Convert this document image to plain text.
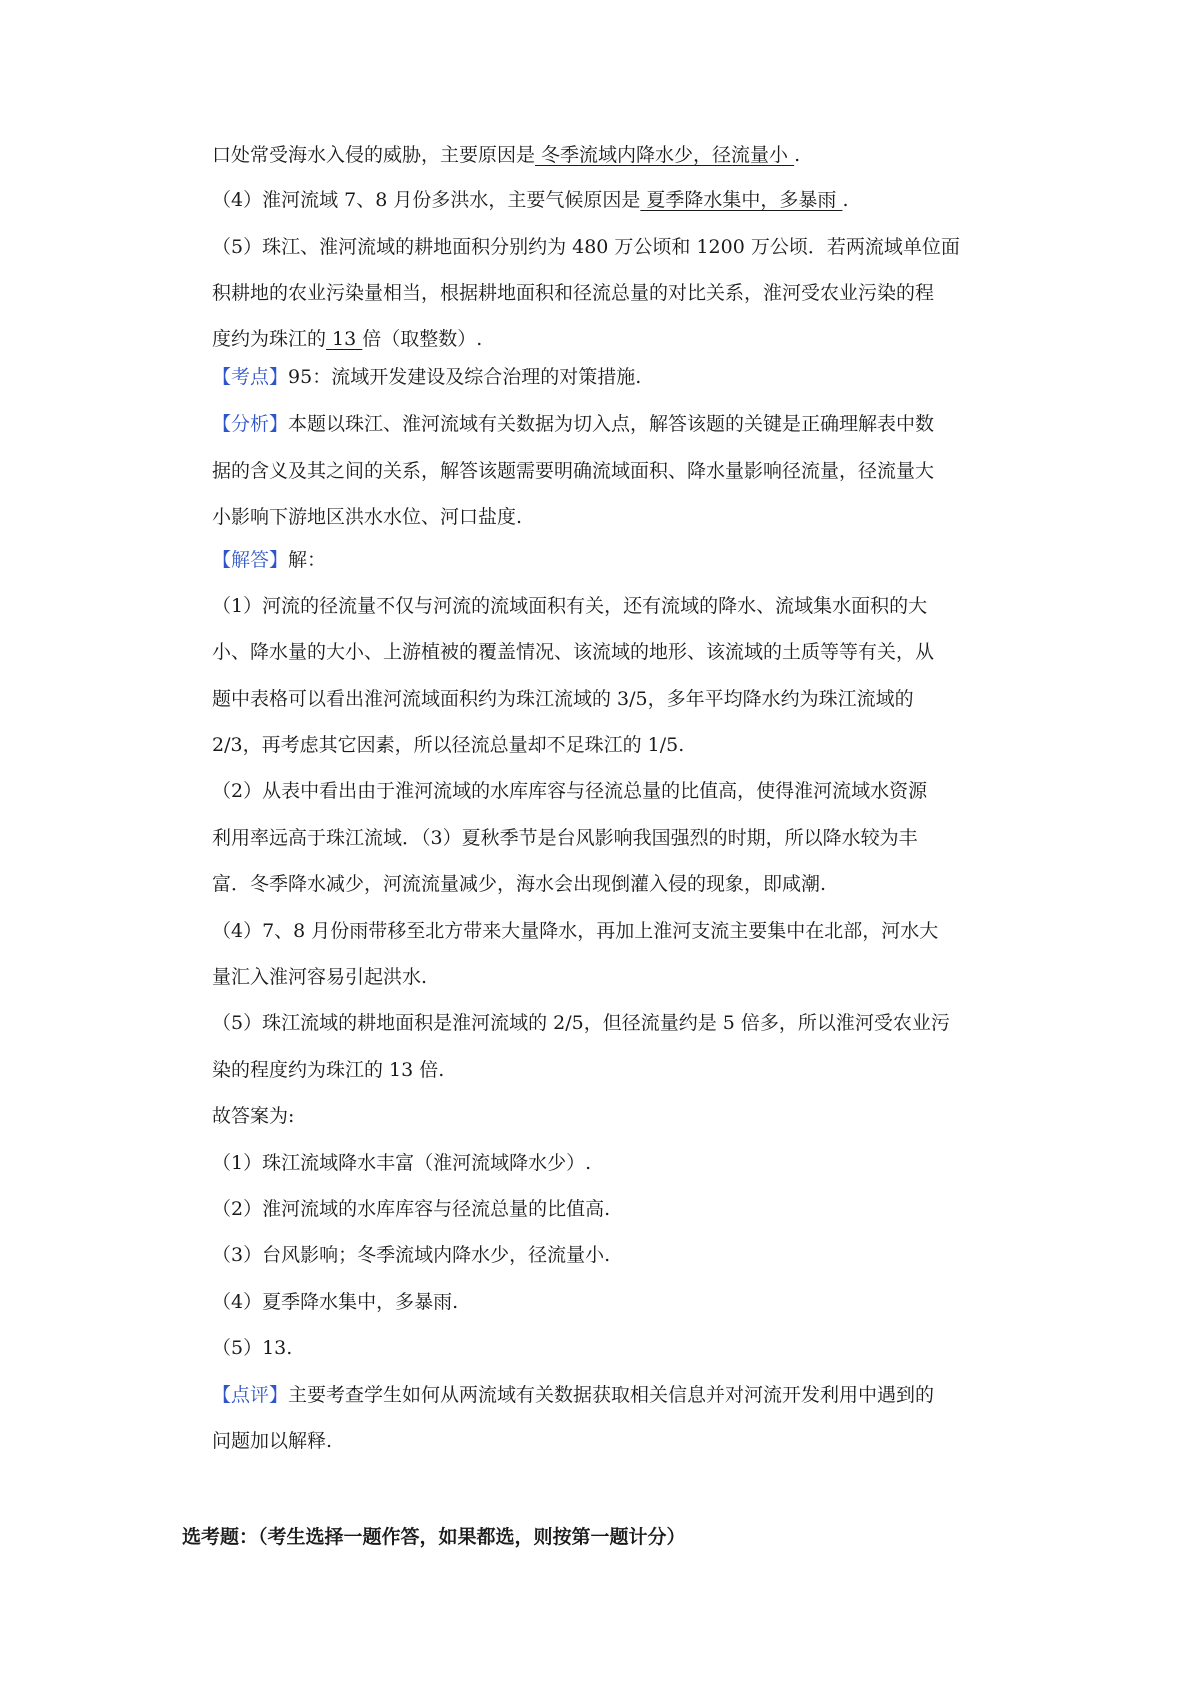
口处常受海水入侵的威胁，主要原因是 冬季流域内降水少，径流量小 .
（4）淮河流域 7、8 月份多洪水，主要气候原因是 夏季降水集中，多暴雨 .
（5）珠江、淮河流域的耕地面积分别约为 480 万公顷和 1200 万公顷．若两流域单位面
积耕地的农业污染量相当，根据耕地面积和径流总量的对比关系，淮河受农业污染的程
度约为珠江的 13 倍（取整数）.
【考点】95：流域开发建设及综合治理的对策措施.
【分析】本题以珠江、淮河流域有关数据为切入点，解答该题的关键是正确理解表中数
据的含义及其之间的关系，解答该题需要明确流域面积、降水量影响径流量，径流量大
小影响下游地区洪水水位、河口盐度.
【解答】解：
（1）河流的径流量不仅与河流的流域面积有关，还有流域的降水、流域集水面积的大
小、降水量的大小、上游植被的覆盖情况、该流域的地形、该流域的土质等等有关，从
题中表格可以看出淮河流域面积约为珠江流域的 3/5，多年平均降水约为珠江流域的
2/3，再考虑其它因素，所以径流总量却不足珠江的 1/5.
（2）从表中看出由于淮河流域的水库库容与径流总量的比值高，使得淮河流域水资源
利用率远高于珠江流域．（3）夏秋季节是台风影响我国强烈的时期，所以降水较为丰
富．冬季降水减少，河流流量减少，海水会出现倒灌入侵的现象，即咸潮.
（4）7、8 月份雨带移至北方带来大量降水，再加上淮河支流主要集中在北部，河水大
量汇入淮河容易引起洪水.
（5）珠江流域的耕地面积是淮河流域的 2/5，但径流量约是 5 倍多，所以淮河受农业污
染的程度约为珠江的 13 倍.
故答案为:
（1）珠江流域降水丰富（淮河流域降水少）.
（2）淮河流域的水库库容与径流总量的比值高.
（3）台风影响；冬季流域内降水少，径流量小.
（4）夏季降水集中，多暴雨.
（5）13.
【点评】主要考查学生如何从两流域有关数据获取相关信息并对河流开发利用中遇到的
问题加以解释.
选考题：（考生选择一题作答，如果都选，则按第一题计分）
